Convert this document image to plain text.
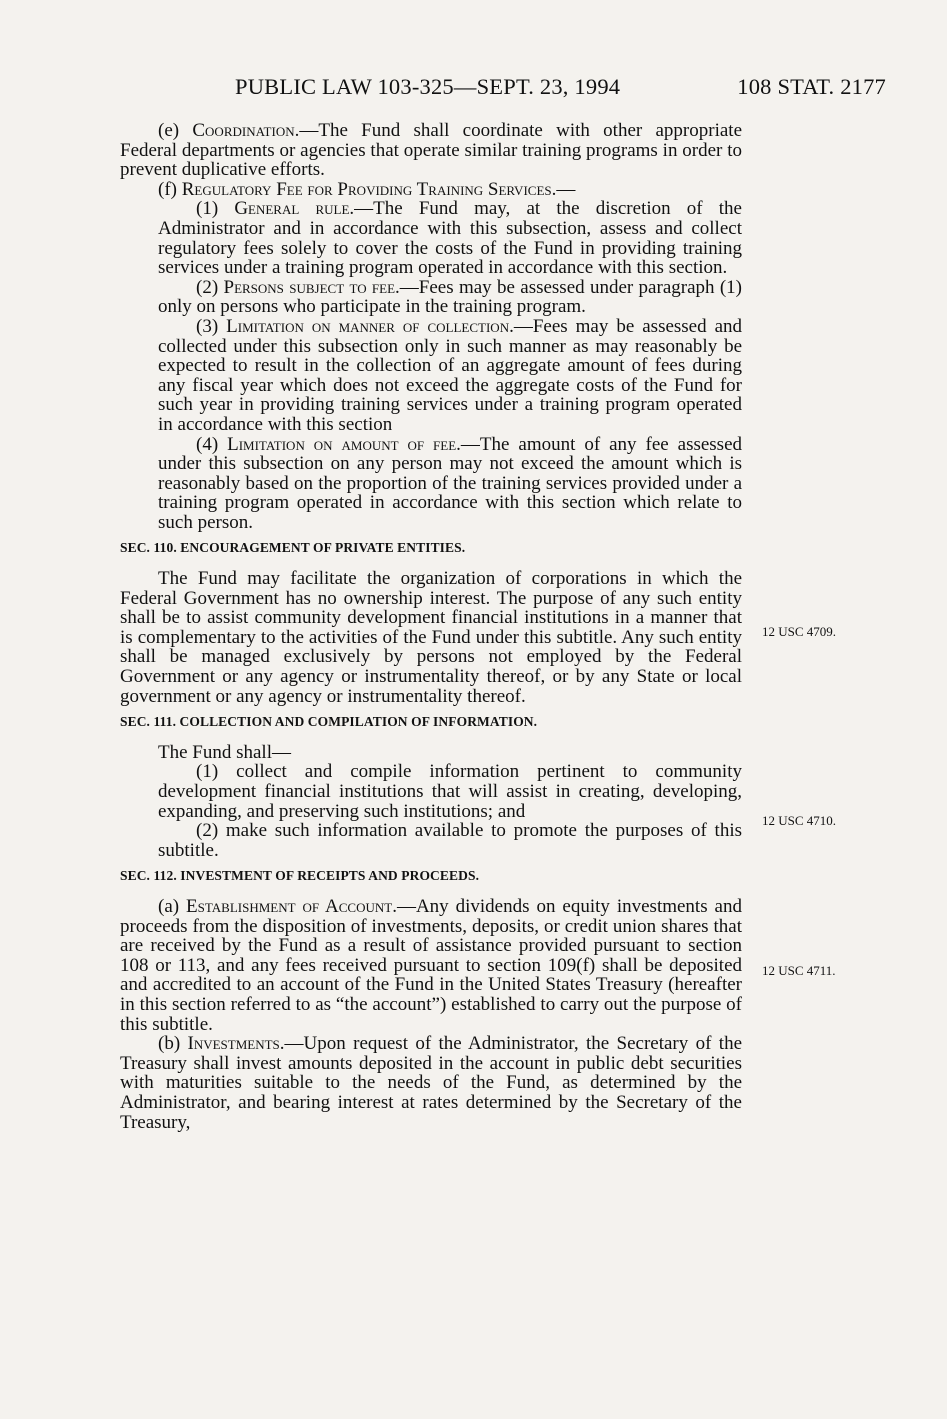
PUBLIC LAW 103-325—SEPT. 23, 1994	108 STAT. 2177

(e) Coordination.—The Fund shall coordinate with other appropriate Federal departments or agencies that operate similar training programs in order to prevent duplicative efforts.

(f) Regulatory Fee for Providing Training Services.—

(1) General rule.—The Fund may, at the discretion of the Administrator and in accordance with this subsection, assess and collect regulatory fees solely to cover the costs of the Fund in providing training services under a training program operated in accordance with this section.

(2) Persons subject to fee.—Fees may be assessed under paragraph (1) only on persons who participate in the training program.

(3) Limitation on manner of collection.—Fees may be assessed and collected under this subsection only in such manner as may reasonably be expected to result in the collection of an aggregate amount of fees during any fiscal year which does not exceed the aggregate costs of the Fund for such year in providing training services under a training program operated in accordance with this section

(4) Limitation on amount of fee.—The amount of any fee assessed under this subsection on any person may not exceed the amount which is reasonably based on the proportion of the training services provided under a training program operated in accordance with this section which relate to such person.

SEC. 110. ENCOURAGEMENT OF PRIVATE ENTITIES.

The Fund may facilitate the organization of corporations in which the Federal Government has no ownership interest. The purpose of any such entity shall be to assist community development financial institutions in a manner that is complementary to the activities of the Fund under this subtitle. Any such entity shall be managed exclusively by persons not employed by the Federal Government or any agency or instrumentality thereof, or by any State or local government or any agency or instrumentality thereof.

SEC. 111. COLLECTION AND COMPILATION OF INFORMATION.

The Fund shall—

(1) collect and compile information pertinent to community development financial institutions that will assist in creating, developing, expanding, and preserving such institutions; and

(2) make such information available to promote the purposes of this subtitle.

SEC. 112. INVESTMENT OF RECEIPTS AND PROCEEDS.

(a) Establishment of Account.—Any dividends on equity investments and proceeds from the disposition of investments, deposits, or credit union shares that are received by the Fund as a result of assistance provided pursuant to section 108 or 113, and any fees received pursuant to section 109(f) shall be deposited and accredited to an account of the Fund in the United States Treasury (hereafter in this section referred to as “the account”) established to carry out the purpose of this subtitle.

(b) Investments.—Upon request of the Administrator, the Secretary of the Treasury shall invest amounts deposited in the account in public debt securities with maturities suitable to the needs of the Fund, as determined by the Administrator, and bearing interest at rates determined by the Secretary of the Treasury,

12 USC 4709.
12 USC 4710.
12 USC 4711.
